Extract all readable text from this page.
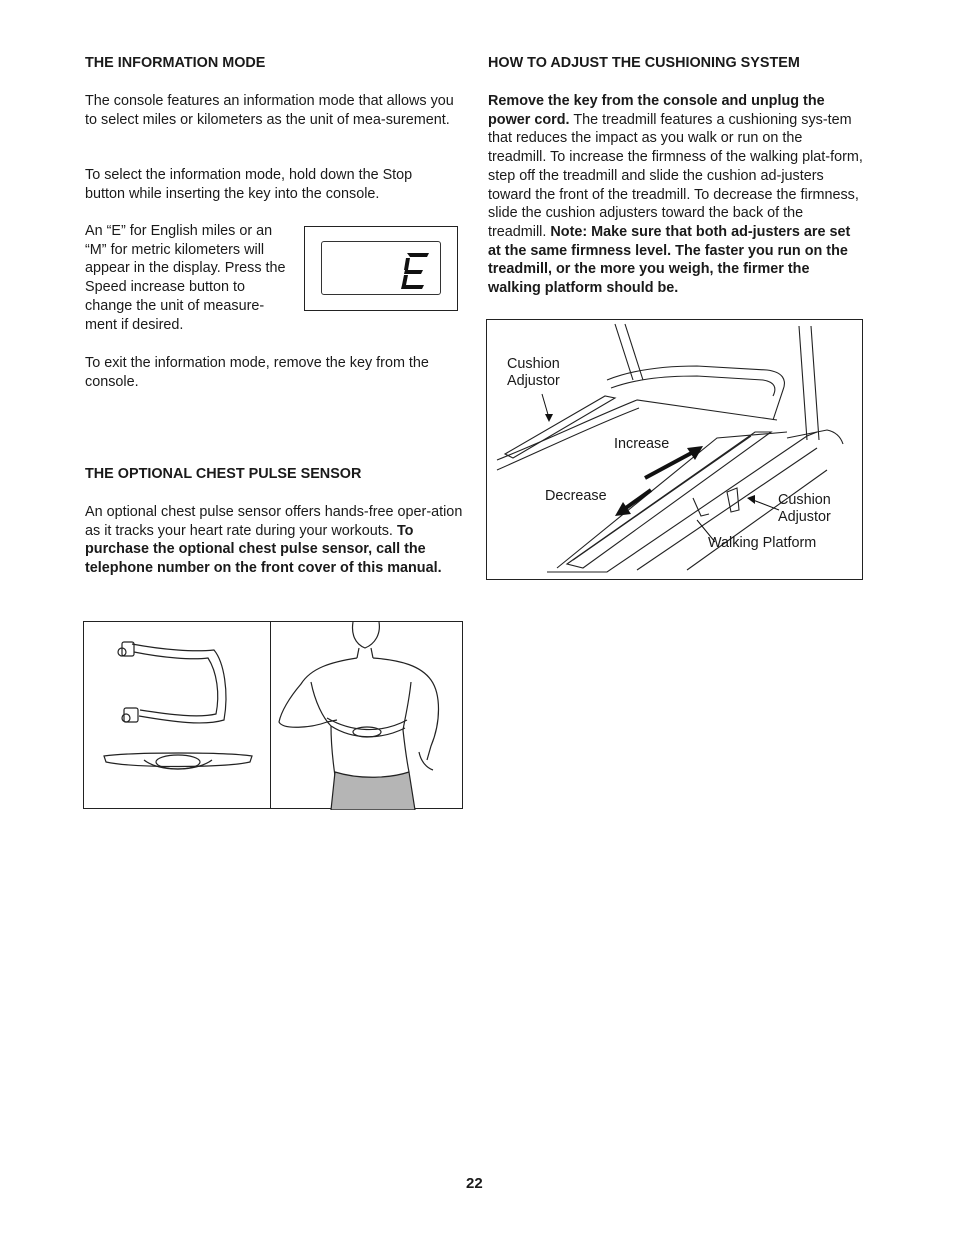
THE INFORMATION MODE

The console features an information mode that allows you to select miles or kilometers as the unit of mea-surement.

To select the information mode, hold down the Stop button while inserting the key into the console.

An “E” for English miles or an “M” for metric kilometers will appear in the display. Press the Speed increase button to change the unit of measure-ment if desired.

To exit the information mode, remove the key from the console.

THE OPTIONAL CHEST PULSE SENSOR

An optional chest pulse sensor offers hands-free oper-ation as it tracks your heart rate during your workouts. To purchase the optional chest pulse sensor, call the telephone number on the front cover of this manual.

HOW TO ADJUST THE CUSHIONING SYSTEM

Remove the key from the console and unplug the power cord. The treadmill features a cushioning sys-tem that reduces the impact as you walk or run on the treadmill. To increase the firmness of the walking plat-form, step off the treadmill and slide the cushion ad-justers toward the front of the treadmill. To decrease the firmness, slide the cushion adjusters toward the back of the treadmill. Note: Make sure that both ad-justers are set at the same firmness level. The faster you run on the treadmill, or the more you weigh, the firmer the walking platform should be.

Cushion
Adjustor
Increase
Decrease	Cushion
Adjustor
Walking Platform
22
